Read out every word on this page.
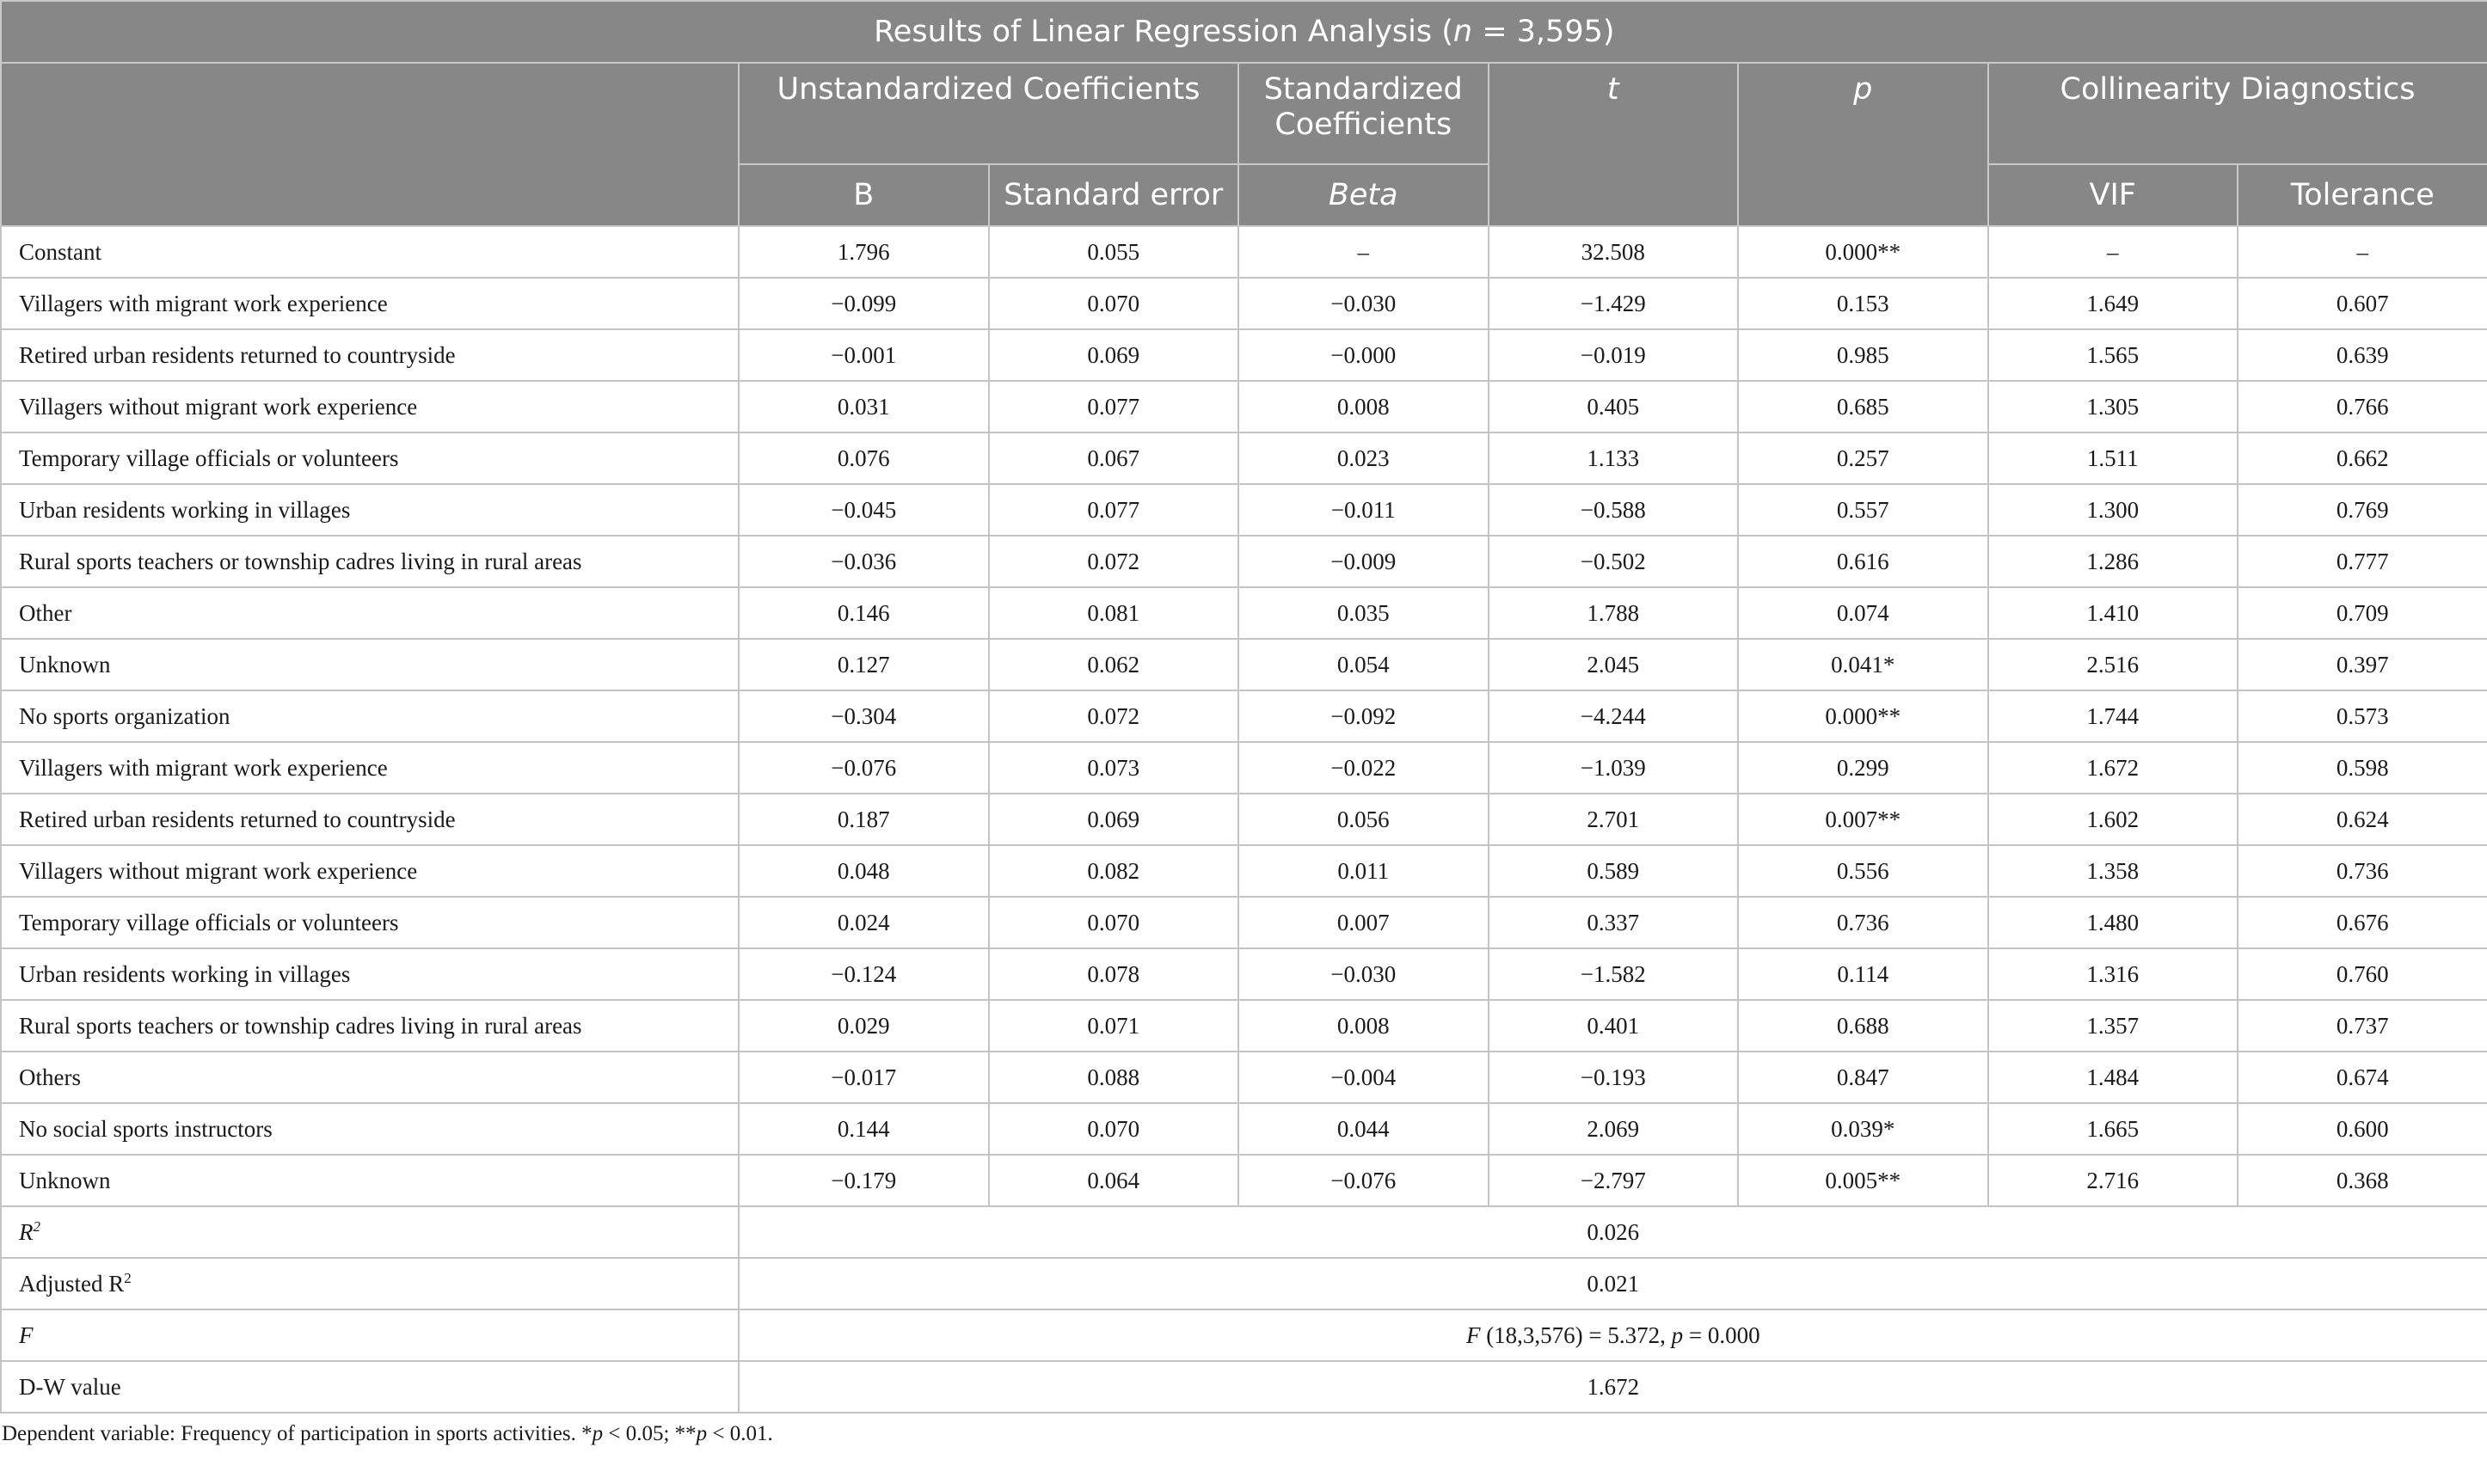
Results of Linear Regression Analysis (n = 3,595)							
	Unstandardized Coefficients		Standardized Coefficients	t	p	Collinearity Diagnostics	
	B	Standard error	Beta			VIF	Tolerance
Constant	1.796	0.055	–	32.508	0.000**	–	–
Villagers with migrant work experience	−0.099	0.070	−0.030	−1.429	0.153	1.649	0.607
Retired urban residents returned to countryside	−0.001	0.069	−0.000	−0.019	0.985	1.565	0.639
Villagers without migrant work experience	0.031	0.077	0.008	0.405	0.685	1.305	0.766
Temporary village officials or volunteers	0.076	0.067	0.023	1.133	0.257	1.511	0.662
Urban residents working in villages	−0.045	0.077	−0.011	−0.588	0.557	1.300	0.769
Rural sports teachers or township cadres living in rural areas	−0.036	0.072	−0.009	−0.502	0.616	1.286	0.777
Other	0.146	0.081	0.035	1.788	0.074	1.410	0.709
Unknown	0.127	0.062	0.054	2.045	0.041*	2.516	0.397
No sports organization	−0.304	0.072	−0.092	−4.244	0.000**	1.744	0.573
Villagers with migrant work experience	−0.076	0.073	−0.022	−1.039	0.299	1.672	0.598
Retired urban residents returned to countryside	0.187	0.069	0.056	2.701	0.007**	1.602	0.624
Villagers without migrant work experience	0.048	0.082	0.011	0.589	0.556	1.358	0.736
Temporary village officials or volunteers	0.024	0.070	0.007	0.337	0.736	1.480	0.676
Urban residents working in villages	−0.124	0.078	−0.030	−1.582	0.114	1.316	0.760
Rural sports teachers or township cadres living in rural areas	0.029	0.071	0.008	0.401	0.688	1.357	0.737
Others	−0.017	0.088	−0.004	−0.193	0.847	1.484	0.674
No social sports instructors	0.144	0.070	0.044	2.069	0.039*	1.665	0.600
Unknown	−0.179	0.064	−0.076	−2.797	0.005**	2.716	0.368
$R^2$	0.026						
Adjusted $R^2$	0.021						
F	F (18,3,576) = 5.372, p = 0.000						
D-W value	1.672						
Dependent variable: Frequency of participation in sports activities. *p < 0.05; **p < 0.01.
